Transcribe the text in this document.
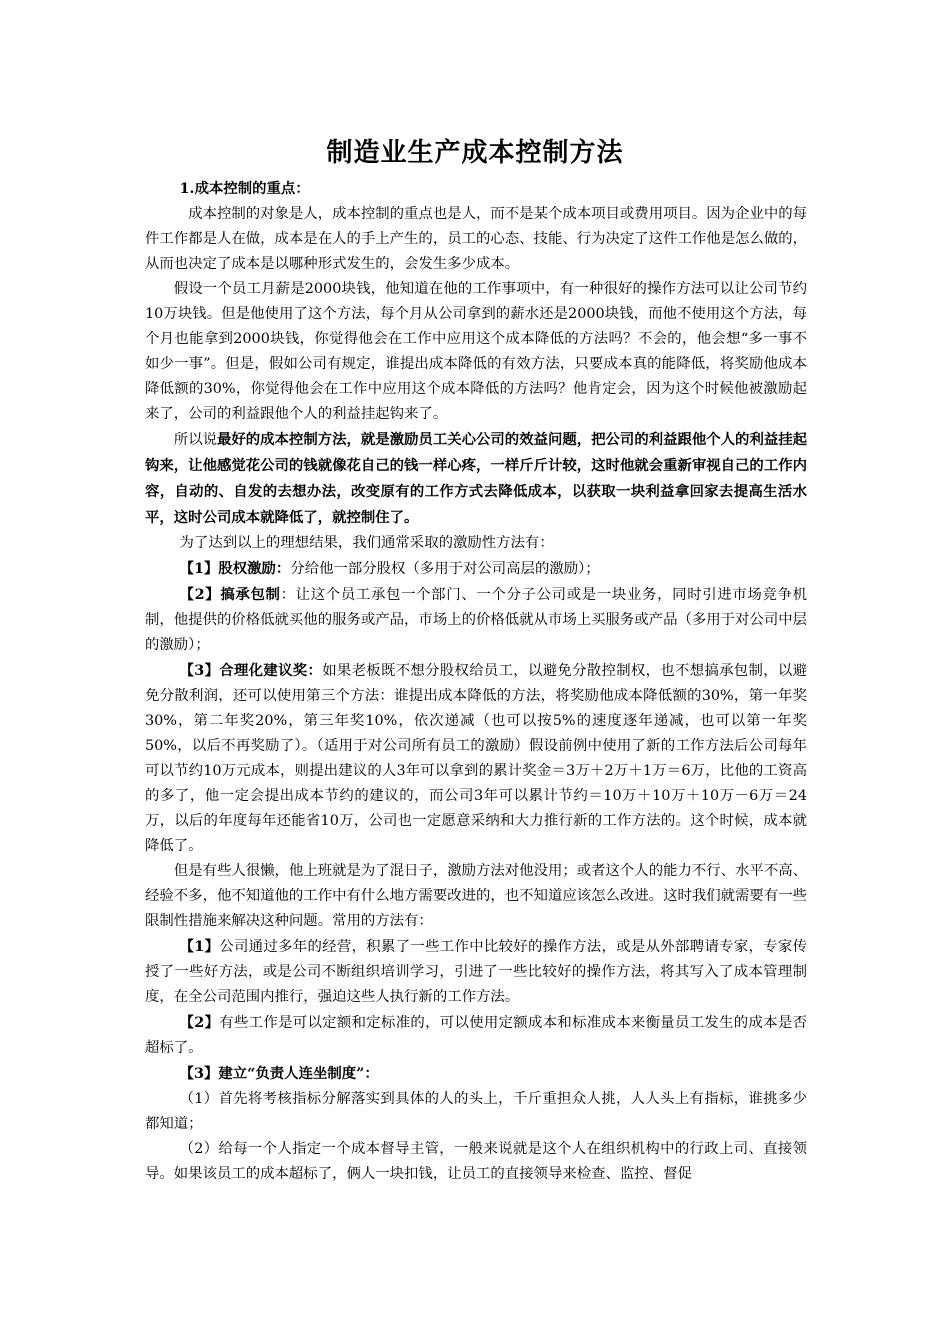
制造业生产成本控制方法

1.成本控制的重点：

成本控制的对象是人，成本控制的重点也是人，而不是某个成本项目或费用项目。因为企业中的每件工作都是人在做，成本是在人的手上产生的，员工的心态、技能、行为决定了这件工作他是怎么做的，从而也决定了成本是以哪种形式发生的，会发生多少成本。

假设一个员工月薪是2000块钱，他知道在他的工作事项中，有一种很好的操作方法可以让公司节约10万块钱。但是他使用了这个方法，每个月从公司拿到的薪水还是2000块钱，而他不使用这个方法，每个月也能拿到2000块钱，你觉得他会在工作中应用这个成本降低的方法吗？不会的，他会想“多一事不如少一事”。但是，假如公司有规定，谁提出成本降低的有效方法，只要成本真的能降低，将奖励他成本降低额的30%，你觉得他会在工作中应用这个成本降低的方法吗？他肯定会，因为这个时候他被激励起来了，公司的利益跟他个人的利益挂起钩来了。

所以说最好的成本控制方法，就是激励员工关心公司的效益问题，把公司的利益跟他个人的利益挂起钩来，让他感觉花公司的钱就像花自己的钱一样心疼，一样斤斤计较，这时他就会重新审视自己的工作内容，自动的、自发的去想办法，改变原有的工作方式去降低成本，以获取一块利益拿回家去提高生活水平，这时公司成本就降低了，就控制住了。

为了达到以上的理想结果，我们通常采取的激励性方法有：

【1】股权激励：分给他一部分股权（多用于对公司高层的激励）；

【2】搞承包制：让这个员工承包一个部门、一个分子公司或是一块业务，同时引进市场竞争机制，他提供的价格低就买他的服务或产品，市场上的价格低就从市场上买服务或产品（多用于对公司中层的激励）；

【3】合理化建议奖：如果老板既不想分股权给员工，以避免分散控制权，也不想搞承包制，以避免分散利润，还可以使用第三个方法：谁提出成本降低的方法，将奖励他成本降低额的30%，第一年奖30%，第二年奖20%，第三年奖10%，依次递减（也可以按5%的速度逐年递减，也可以第一年奖50%，以后不再奖励了）。（适用于对公司所有员工的激励）假设前例中使用了新的工作方法后公司每年可以节约10万元成本，则提出建议的人3年可以拿到的累计奖金＝3万＋2万＋1万＝6万，比他的工资高的多了，他一定会提出成本节约的建议的，而公司3年可以累计节约＝10万＋10万＋10万－6万＝24万，以后的年度每年还能省10万，公司也一定愿意采纳和大力推行新的工作方法的。这个时候，成本就降低了。

但是有些人很懒，他上班就是为了混日子，激励方法对他没用；或者这个人的能力不行、水平不高、经验不多，他不知道他的工作中有什么地方需要改进的，也不知道应该怎么改进。这时我们就需要有一些限制性措施来解决这种问题。常用的方法有：

【1】公司通过多年的经营，积累了一些工作中比较好的操作方法，或是从外部聘请专家，专家传授了一些好方法，或是公司不断组织培训学习，引进了一些比较好的操作方法，将其写入了成本管理制度，在全公司范围内推行，强迫这些人执行新的工作方法。

【2】有些工作是可以定额和定标准的，可以使用定额成本和标准成本来衡量员工发生的成本是否超标了。

【3】建立“负责人连坐制度”：

（1）首先将考核指标分解落实到具体的人的头上，千斤重担众人挑，人人头上有指标，谁挑多少都知道；

（2）给每一个人指定一个成本督导主管，一般来说就是这个人在组织机构中的行政上司、直接领导。如果该员工的成本超标了，俩人一块扣钱，让员工的直接领导来检查、监控、督促
